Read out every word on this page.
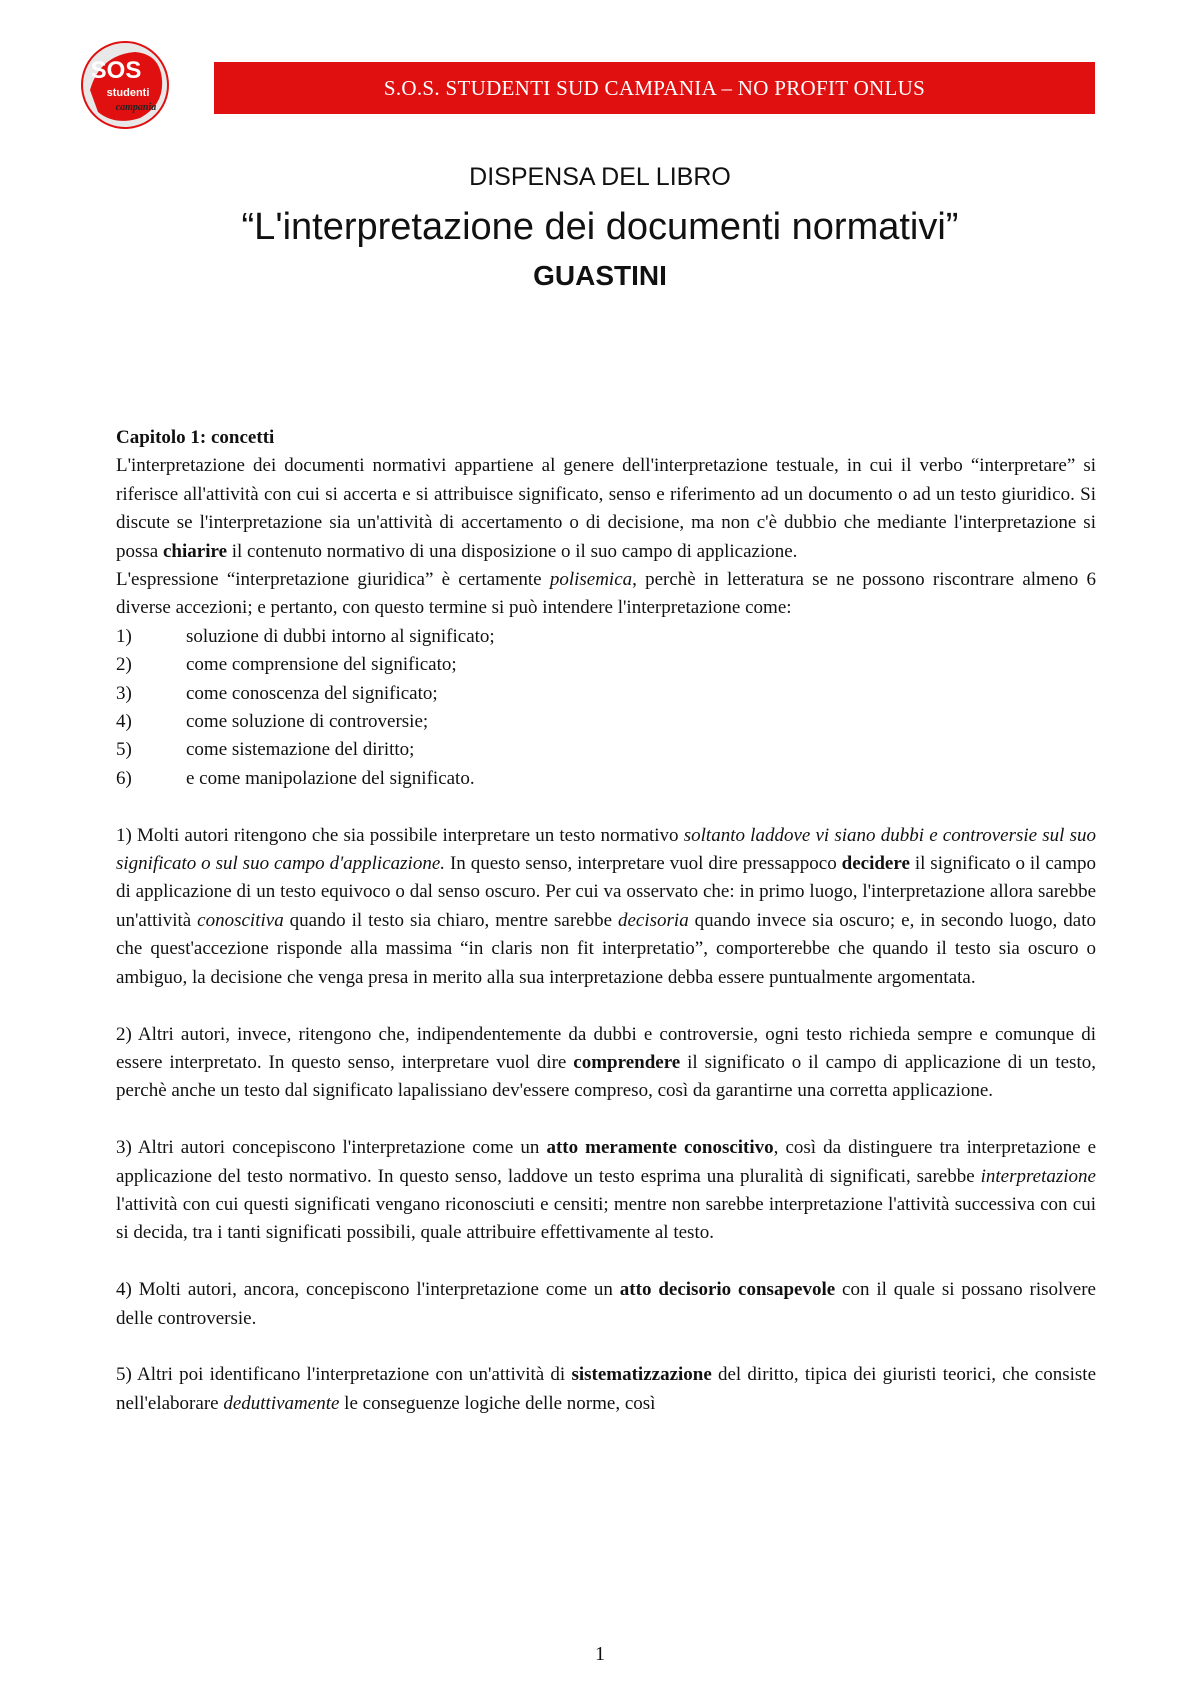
SOS
studenti
campania
S.O.S. STUDENTI SUD CAMPANIA – NO PROFIT ONLUS
DISPENSA DEL LIBRO
“L'interpretazione dei documenti normativi”
GUASTINI

Capitolo 1: concetti

L'interpretazione dei documenti normativi appartiene al genere dell'interpretazione testuale, in cui il verbo “interpretare” si riferisce all'attività con cui si accerta e si attribuisce significato, senso e riferimento ad un documento o ad un testo giuridico. Si discute se l'interpretazione sia un'attività di accertamento o di decisione, ma non c'è dubbio che mediante l'interpretazione si possa chiarire il contenuto normativo di una disposizione o il suo campo di applicazione.

L'espressione “interpretazione giuridica” è certamente polisemica, perchè in letteratura se ne possono riscontrare almeno 6 diverse accezioni; e pertanto, con questo termine si può intendere l'interpretazione come:

1)	soluzione di dubbi intorno al significato;
2)	come comprensione del significato;
3)	come conoscenza del significato;
4)	come soluzione di controversie;
5)	come sistemazione del diritto;
6)	e come manipolazione del significato.

1) Molti autori ritengono che sia possibile interpretare un testo normativo soltanto laddove vi siano dubbi e controversie sul suo significato o sul suo campo d'applicazione. In questo senso, interpretare vuol dire pressappoco decidere il significato o il campo di applicazione di un testo equivoco o dal senso oscuro. Per cui va osservato che: in primo luogo, l'interpretazione allora sarebbe un'attività conoscitiva quando il testo sia chiaro, mentre sarebbe decisoria quando invece sia oscuro; e, in secondo luogo, dato che quest'accezione risponde alla massima “in claris non fit interpretatio”, comporterebbe che quando il testo sia oscuro o ambiguo, la decisione che venga presa in merito alla sua interpretazione debba essere puntualmente argomentata.

2) Altri autori, invece, ritengono che, indipendentemente da dubbi e controversie, ogni testo richieda sempre e comunque di essere interpretato. In questo senso, interpretare vuol dire comprendere il significato o il campo di applicazione di un testo, perchè anche un testo dal significato lapalissiano dev'essere compreso, così da garantirne una corretta applicazione.

3) Altri autori concepiscono l'interpretazione come un atto meramente conoscitivo, così da distinguere tra interpretazione e applicazione del testo normativo. In questo senso, laddove un testo esprima una pluralità di significati, sarebbe interpretazione l'attività con cui questi significati vengano riconosciuti e censiti; mentre non sarebbe interpretazione l'attività successiva con cui si decida, tra i tanti significati possibili, quale attribuire effettivamente al testo.

4) Molti autori, ancora, concepiscono l'interpretazione come un atto decisorio consapevole con il quale si possano risolvere delle controversie.

5) Altri poi identificano l'interpretazione con un'attività di sistematizzazione del diritto, tipica dei giuristi teorici, che consiste nell'elaborare deduttivamente le conseguenze logiche delle norme, così

1
